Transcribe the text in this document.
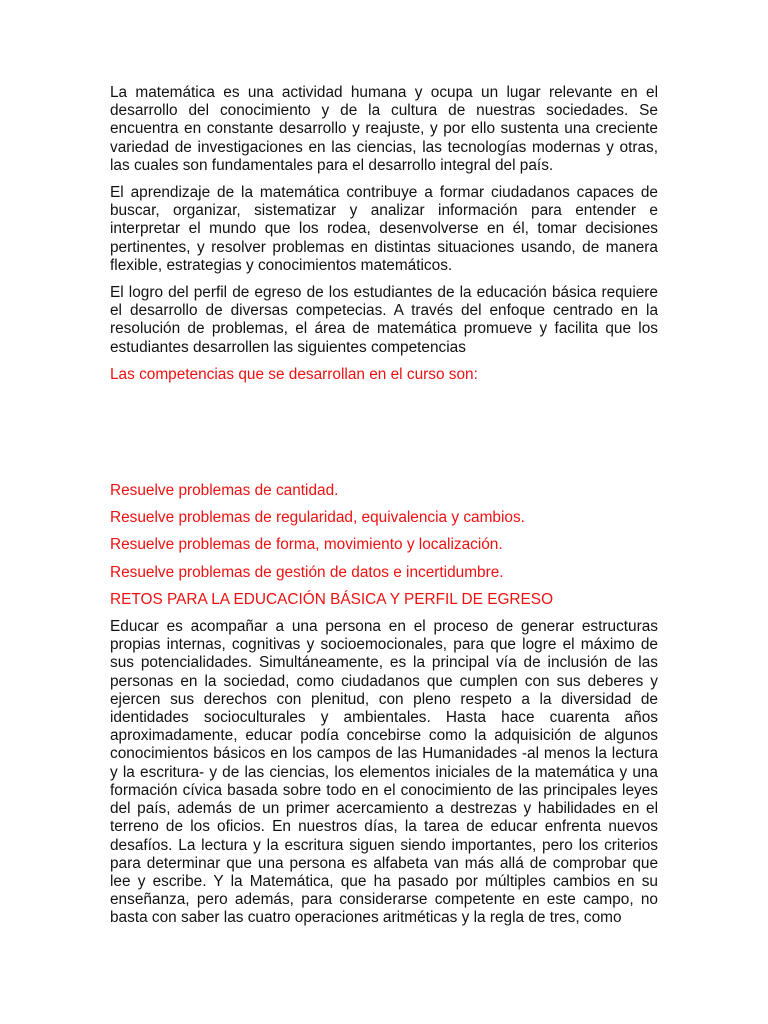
La matemática es una actividad humana y ocupa un lugar relevante en el desarrollo del conocimiento y de la cultura de nuestras sociedades. Se encuentra en constante desarrollo y reajuste, y por ello sustenta una creciente variedad de investigaciones en las ciencias, las tecnologías modernas y otras, las cuales son fundamentales para el desarrollo integral del país.

El aprendizaje de la matemática contribuye a formar ciudadanos capaces de buscar, organizar, sistematizar y analizar información para entender e interpretar el mundo que los rodea, desenvolverse en él, tomar decisiones pertinentes, y resolver problemas en distintas situaciones usando, de manera flexible, estrategias y conocimientos matemáticos.

El logro del perfil de egreso de los estudiantes de la educación básica requiere el desarrollo de diversas competecias. A través del enfoque centrado en la resolución de problemas, el área de matemática promueve y facilita que los estudiantes desarrollen las siguientes competencias

Las competencias que se desarrollan en el curso son:

Resuelve problemas de cantidad.

Resuelve problemas de regularidad, equivalencia y cambios.

Resuelve problemas de forma, movimiento y localización.

Resuelve problemas de gestión de datos e incertidumbre.

RETOS PARA LA EDUCACIÓN BÁSICA Y PERFIL DE EGRESO

Educar es acompañar a una persona en el proceso de generar estructuras propias internas, cognitivas y socioemocionales, para que logre el máximo de sus potencialidades. Simultáneamente, es la principal vía de inclusión de las personas en la sociedad, como ciudadanos que cumplen con sus deberes y ejercen sus derechos con plenitud, con pleno respeto a la diversidad de identidades socioculturales y ambientales. Hasta hace cuarenta años aproximadamente, educar podía concebirse como la adquisición de algunos conocimientos básicos en los campos de las Humanidades -al menos la lectura y la escritura- y de las ciencias, los elementos iniciales de la matemática y una formación cívica basada sobre todo en el conocimiento de las principales leyes del país, además de un primer acercamiento a destrezas y habilidades en el terreno de los oficios. En nuestros días, la tarea de educar enfrenta nuevos desafíos. La lectura y la escritura siguen siendo importantes, pero los criterios para determinar que una persona es alfabeta van más allá de comprobar que lee y escribe. Y la Matemática, que ha pasado por múltiples cambios en su enseñanza, pero además, para considerarse competente en este campo, no basta con saber las cuatro operaciones aritméticas y la regla de tres, como
